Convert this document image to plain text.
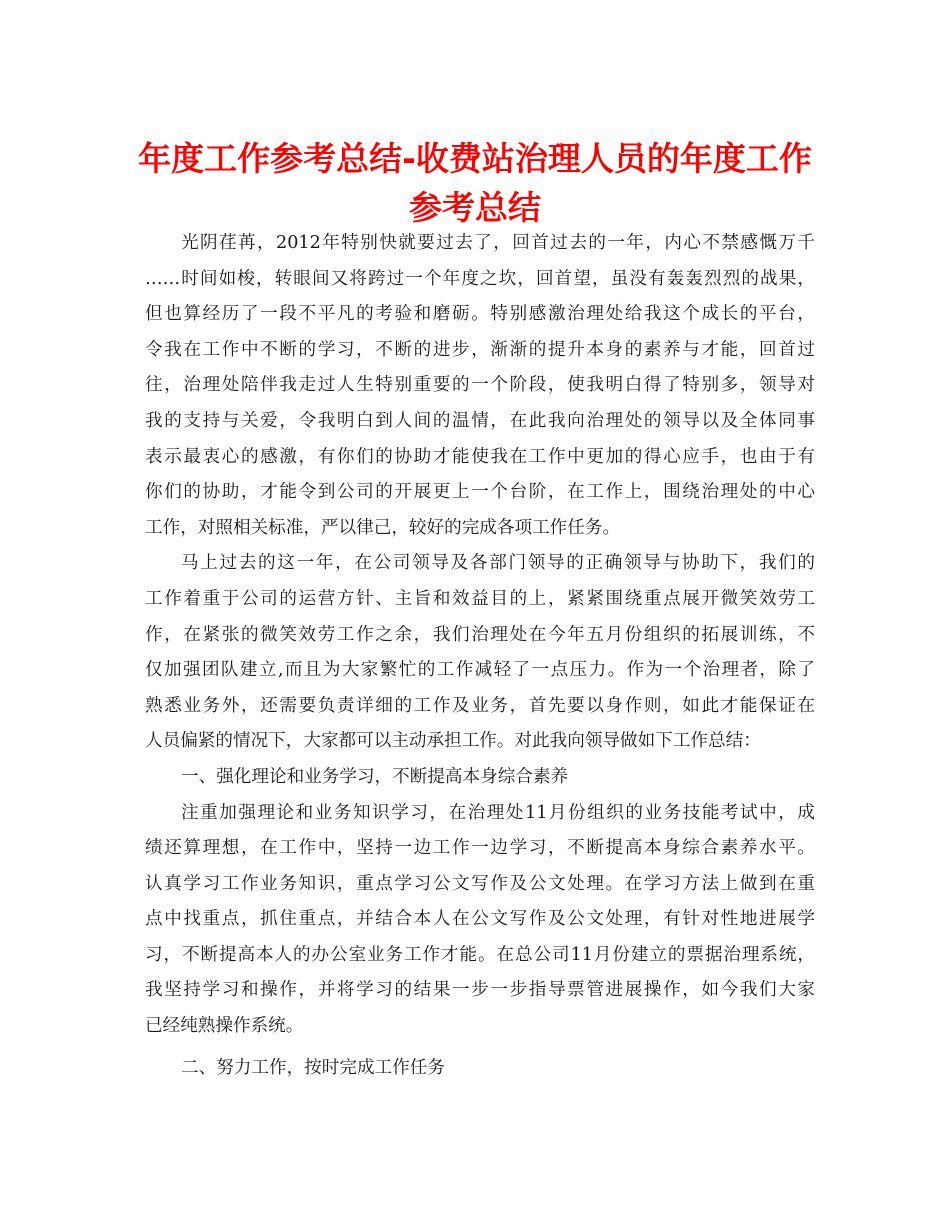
年度工作参考总结-收费站治理人员的年度工作
参考总结
光阴荏苒，2012年特别快就要过去了，回首过去的一年，内心不禁感慨万千
……时间如梭，转眼间又将跨过一个年度之坎，回首望，虽没有轰轰烈烈的战果，
但也算经历了一段不平凡的考验和磨砺。特别感激治理处给我这个成长的平台，
令我在工作中不断的学习，不断的进步，渐渐的提升本身的素养与才能，回首过
往，治理处陪伴我走过人生特别重要的一个阶段，使我明白得了特别多，领导对
我的支持与关爱，令我明白到人间的温情，在此我向治理处的领导以及全体同事
表示最衷心的感激，有你们的协助才能使我在工作中更加的得心应手，也由于有
你们的协助，才能令到公司的开展更上一个台阶，在工作上，围绕治理处的中心
工作，对照相关标准，严以律己，较好的完成各项工作任务。
马上过去的这一年，在公司领导及各部门领导的正确领导与协助下，我们的
工作着重于公司的运营方针、主旨和效益目的上，紧紧围绕重点展开微笑效劳工
作，在紧张的微笑效劳工作之余，我们治理处在今年五月份组织的拓展训练，不
仅加强团队建立,而且为大家繁忙的工作减轻了一点压力。作为一个治理者，除了
熟悉业务外，还需要负责详细的工作及业务，首先要以身作则，如此才能保证在
人员偏紧的情况下，大家都可以主动承担工作。对此我向领导做如下工作总结：
一、强化理论和业务学习，不断提高本身综合素养
注重加强理论和业务知识学习，在治理处11月份组织的业务技能考试中，成
绩还算理想，在工作中，坚持一边工作一边学习，不断提高本身综合素养水平。
认真学习工作业务知识，重点学习公文写作及公文处理。在学习方法上做到在重
点中找重点，抓住重点，并结合本人在公文写作及公文处理，有针对性地进展学
习，不断提高本人的办公室业务工作才能。在总公司11月份建立的票据治理系统，
我坚持学习和操作，并将学习的结果一步一步指导票管进展操作，如今我们大家
已经纯熟操作系统。
二、努力工作，按时完成工作任务
